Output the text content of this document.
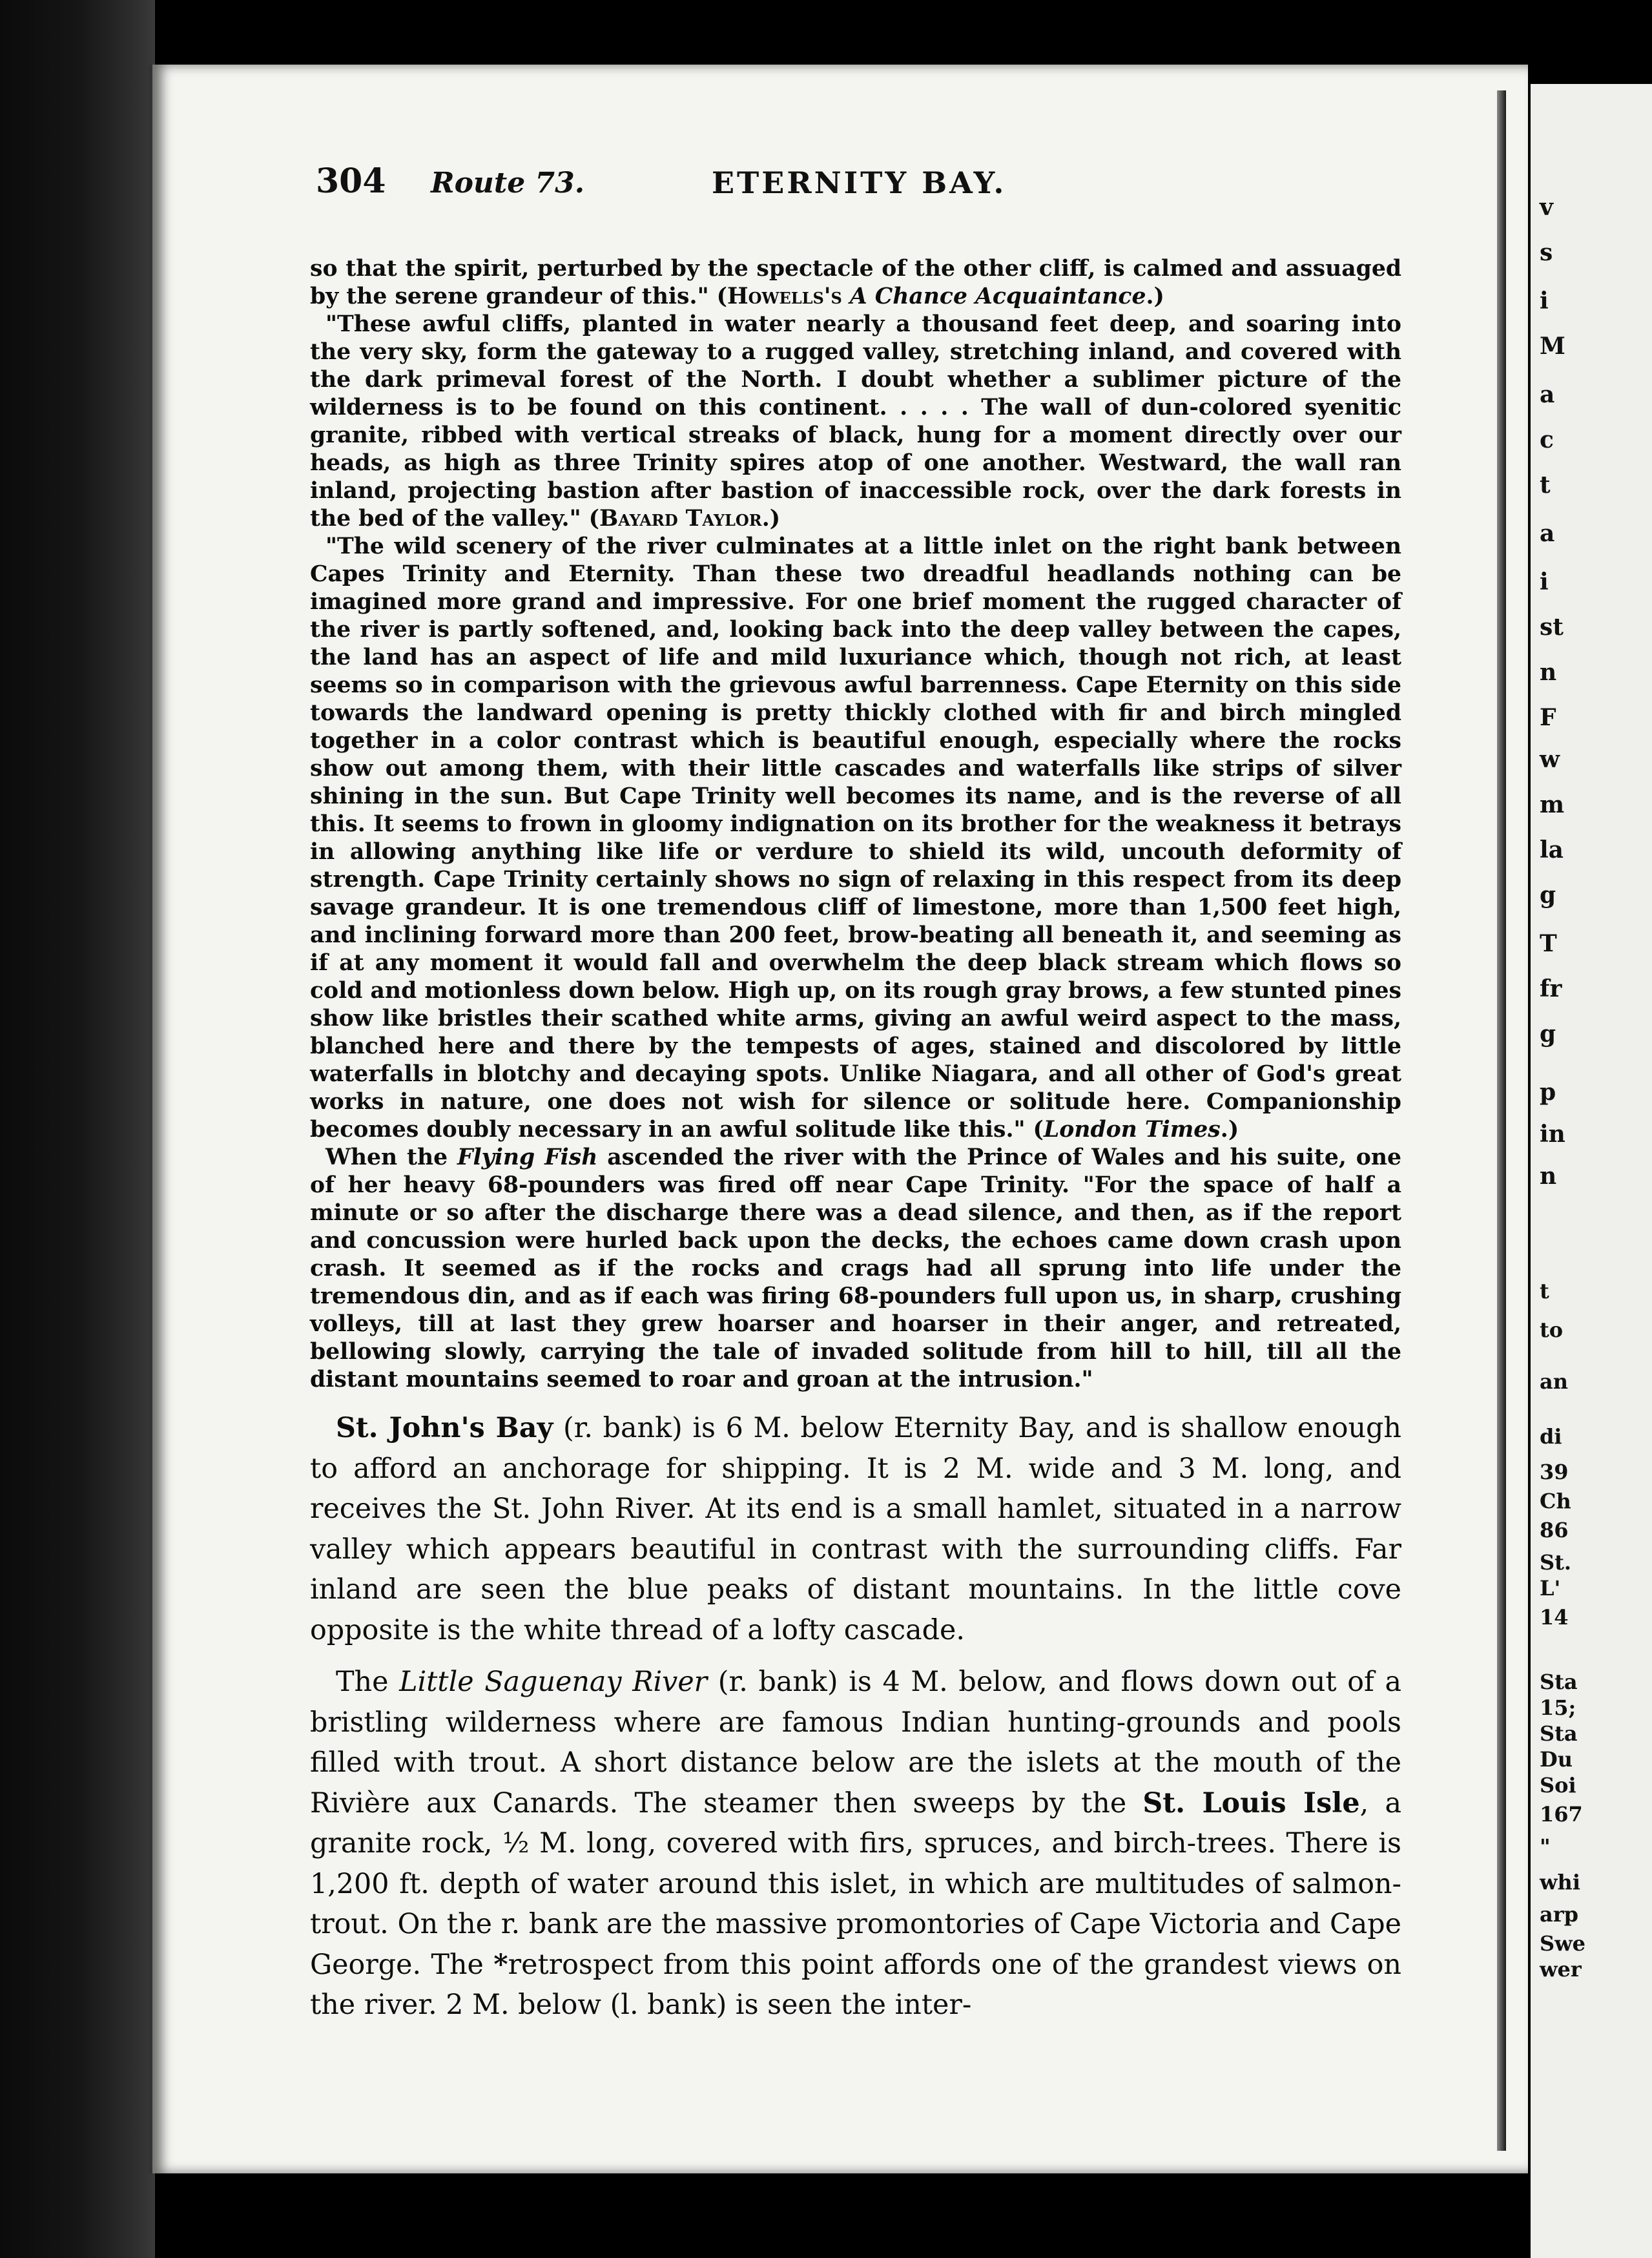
v
s
i
M
a
c
t
a
i
st
n
F
w
m
la
g
T
fr
g
p
in
n
t
to
an
di
39
Ch
86
St.
L'
14
Sta
15;
Sta
Du
Soi
167
"
whi
arp
Swe
wer
304 Route 73.	ETERNITY BAY.

so that the spirit, perturbed by the spectacle of the other cliff, is calmed and assuaged by the serene grandeur of this." (Howells's A Chance Acquaintance.)

"These awful cliffs, planted in water nearly a thousand feet deep, and soaring into the very sky, form the gateway to a rugged valley, stretching inland, and covered with the dark primeval forest of the North. I doubt whether a sublimer picture of the wilderness is to be found on this continent. . . . . The wall of dun-colored syenitic granite, ribbed with vertical streaks of black, hung for a moment directly over our heads, as high as three Trinity spires atop of one another. Westward, the wall ran inland, projecting bastion after bastion of inaccessible rock, over the dark forests in the bed of the valley." (Bayard Taylor.)

"The wild scenery of the river culminates at a little inlet on the right bank between Capes Trinity and Eternity. Than these two dreadful headlands nothing can be imagined more grand and impressive. For one brief moment the rugged character of the river is partly softened, and, looking back into the deep valley between the capes, the land has an aspect of life and mild luxuriance which, though not rich, at least seems so in comparison with the grievous awful barrenness. Cape Eternity on this side towards the landward opening is pretty thickly clothed with fir and birch mingled together in a color contrast which is beautiful enough, especially where the rocks show out among them, with their little cascades and waterfalls like strips of silver shining in the sun. But Cape Trinity well becomes its name, and is the reverse of all this. It seems to frown in gloomy indignation on its brother for the weakness it betrays in allowing anything like life or verdure to shield its wild, uncouth deformity of strength. Cape Trinity certainly shows no sign of relaxing in this respect from its deep savage grandeur. It is one tremendous cliff of limestone, more than 1,500 feet high, and inclining forward more than 200 feet, brow-beating all beneath it, and seeming as if at any moment it would fall and overwhelm the deep black stream which flows so cold and motionless down below. High up, on its rough gray brows, a few stunted pines show like bristles their scathed white arms, giving an awful weird aspect to the mass, blanched here and there by the tempests of ages, stained and discolored by little waterfalls in blotchy and decaying spots. Unlike Niagara, and all other of God's great works in nature, one does not wish for silence or solitude here. Companionship becomes doubly necessary in an awful solitude like this." (London Times.)

When the Flying Fish ascended the river with the Prince of Wales and his suite, one of her heavy 68-pounders was fired off near Cape Trinity. "For the space of half a minute or so after the discharge there was a dead silence, and then, as if the report and concussion were hurled back upon the decks, the echoes came down crash upon crash. It seemed as if the rocks and crags had all sprung into life under the tremendous din, and as if each was firing 68-pounders full upon us, in sharp, crushing volleys, till at last they grew hoarser and hoarser in their anger, and retreated, bellowing slowly, carrying the tale of invaded solitude from hill to hill, till all the distant mountains seemed to roar and groan at the intrusion."

St. John's Bay (r. bank) is 6 M. below Eternity Bay, and is shallow enough to afford an anchorage for shipping. It is 2 M. wide and 3 M. long, and receives the St. John River. At its end is a small hamlet, situated in a narrow valley which appears beautiful in contrast with the surrounding cliffs. Far inland are seen the blue peaks of distant mountains. In the little cove opposite is the white thread of a lofty cascade.

The Little Saguenay River (r. bank) is 4 M. below, and flows down out of a bristling wilderness where are famous Indian hunting-grounds and pools filled with trout. A short distance below are the islets at the mouth of the Rivière aux Canards. The steamer then sweeps by the St. Louis Isle, a granite rock, ½ M. long, covered with firs, spruces, and birch-trees. There is 1,200 ft. depth of water around this islet, in which are multitudes of salmon-trout. On the r. bank are the massive promontories of Cape Victoria and Cape George. The *retrospect from this point affords one of the grandest views on the river. 2 M. below (l. bank) is seen the inter-
